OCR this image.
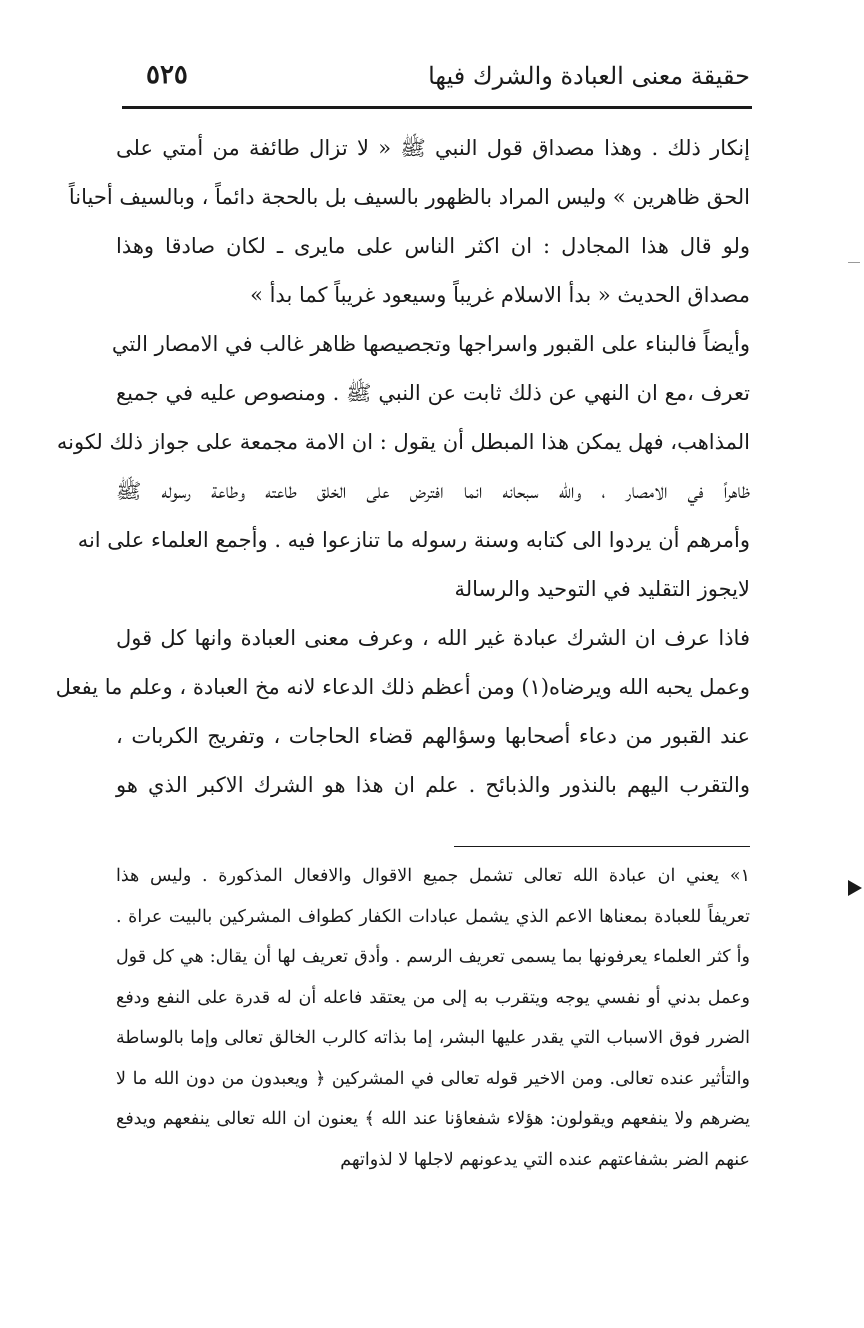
حقيقة معنى العبادة والشرك فيها
٥٢٥
إنكار ذلك . وهذا مصداق قول النبي ﷺ « لا تزال طائفة من أمتي على
الحق ظاهرين » وليس المراد بالظهور بالسيف بل بالحجة دائماً ، وبالسيف أحياناً
ولو قال هذا المجادل : ان اكثر الناس على مايرى ـ لكان صادقا وهذا
مصداق الحديث « بدأ الاسلام غريباً وسيعود غريباً كما بدأ »
وأيضاً فالبناء على القبور واسراجها وتجصيصها ظاهر غالب في الامصار التي
تعرف ،مع ان النهي عن ذلك ثابت عن النبي ﷺ . ومنصوص عليه في جميع
المذاهب، فهل يمكن هذا المبطل أن يقول : ان الامة مجمعة على جواز ذلك لكونه
ظاهراً في الامصار ، والله سبحانه انما افترض على الخلق طاعته وطاعة رسوله ﷺ
وأمرهم أن يردوا الى كتابه وسنة رسوله ما تنازعوا فيه . وأجمع العلماء على انه
لايجوز التقليد في التوحيد والرسالة
فاذا عرف ان الشرك عبادة غير الله ، وعرف معنى العبادة وانها كل قول
وعمل يحبه الله ويرضاه(١) ومن أعظم ذلك الدعاء لانه مخ العبادة ، وعلم ما يفعل
عند القبور من دعاء أصحابها وسؤالهم قضاء الحاجات ، وتفريج الكربات ،
والتقرب اليهم بالنذور والذبائح . علم ان هذا هو الشرك الاكبر الذي هو
١» يعني ان عبادة الله تعالى تشمل جميع الاقوال والافعال المذكورة . وليس هذا
تعريفاً للعبادة بمعناها الاعم الذي يشمل عبادات الكفار كطواف المشركين بالبيت عراة .
وأ كثر العلماء يعرفونها بما يسمى تعريف الرسم . وأدق تعريف لها أن يقال: هي كل قول
وعمل بدني أو نفسي يوجه ويتقرب به إلى من يعتقد فاعله أن له قدرة على النفع ودفع
الضرر فوق الاسباب التي يقدر عليها البشر، إما بذاته كالرب الخالق تعالى وإما بالوساطة
والتأثير عنده تعالى. ومن الاخير قوله تعالى في المشركين ﴿ ويعبدون من دون الله ما لا
يضرهم ولا ينفعهم ويقولون: هؤلاء شفعاؤنا عند الله ﴾ يعنون ان الله تعالى ينفعهم ويدفع
عنهم الضر بشفاعتهم عنده التي يدعونهم لاجلها لا لذواتهم
